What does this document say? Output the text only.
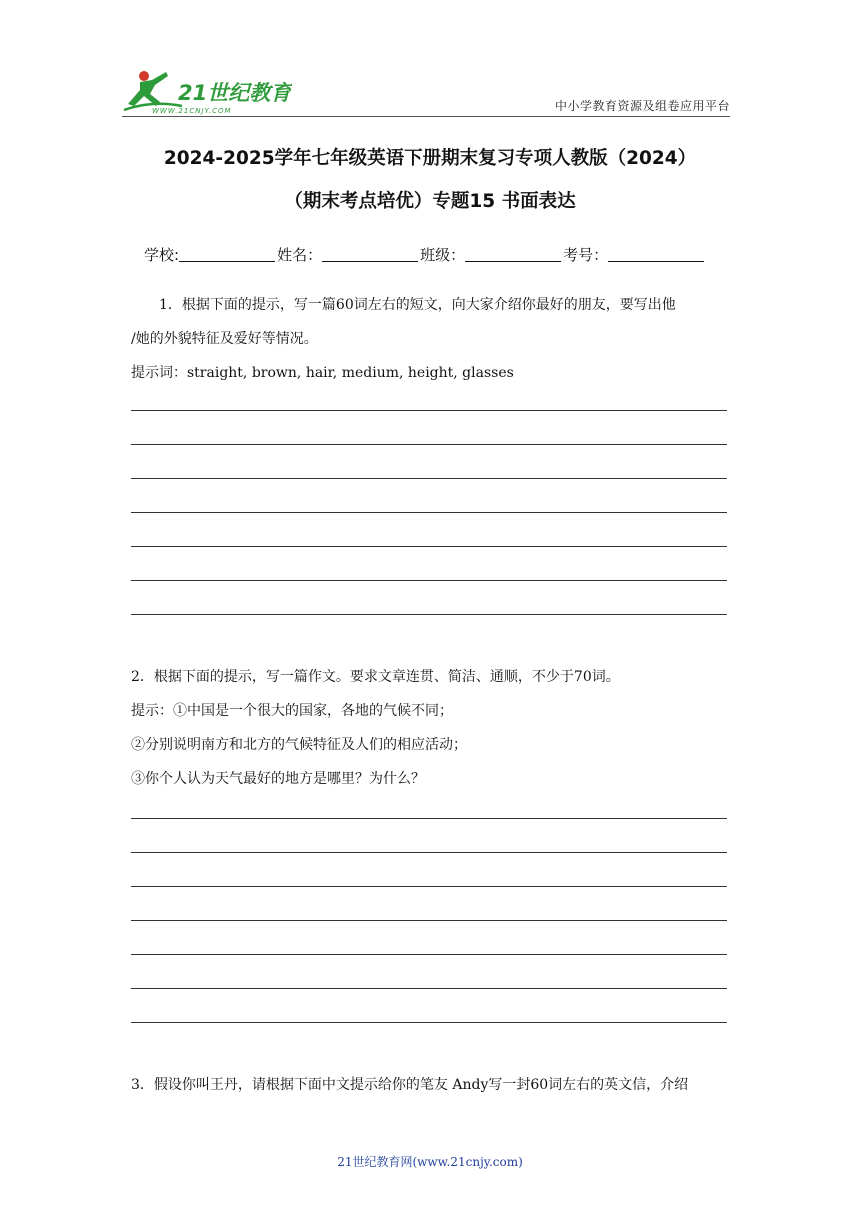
21世纪教育
WWW.21CNJY.COM	中小学教育资源及组卷应用平台
2024-2025学年七年级英语下册期末复习专项人教版（2024）
（期末考点培优）专题15 书面表达
学校:	姓名：	班级：	考号：
1．根据下面的提示，写一篇60词左右的短文，向大家介绍你最好的朋友，要写出他
/她的外貌特征及爱好等情况。
提示词：straight, brown, hair, medium, height, glasses
2．根据下面的提示，写一篇作文。要求文章连贯、简洁、通顺，不少于70词。
提示：①中国是一个很大的国家，各地的气候不同；
②分别说明南方和北方的气候特征及人们的相应活动；
③你个人认为天气最好的地方是哪里？为什么？
3．假设你叫王丹，请根据下面中文提示给你的笔友 Andy写一封60词左右的英文信，介绍
21世纪教育网(www.21cnjy.com)
